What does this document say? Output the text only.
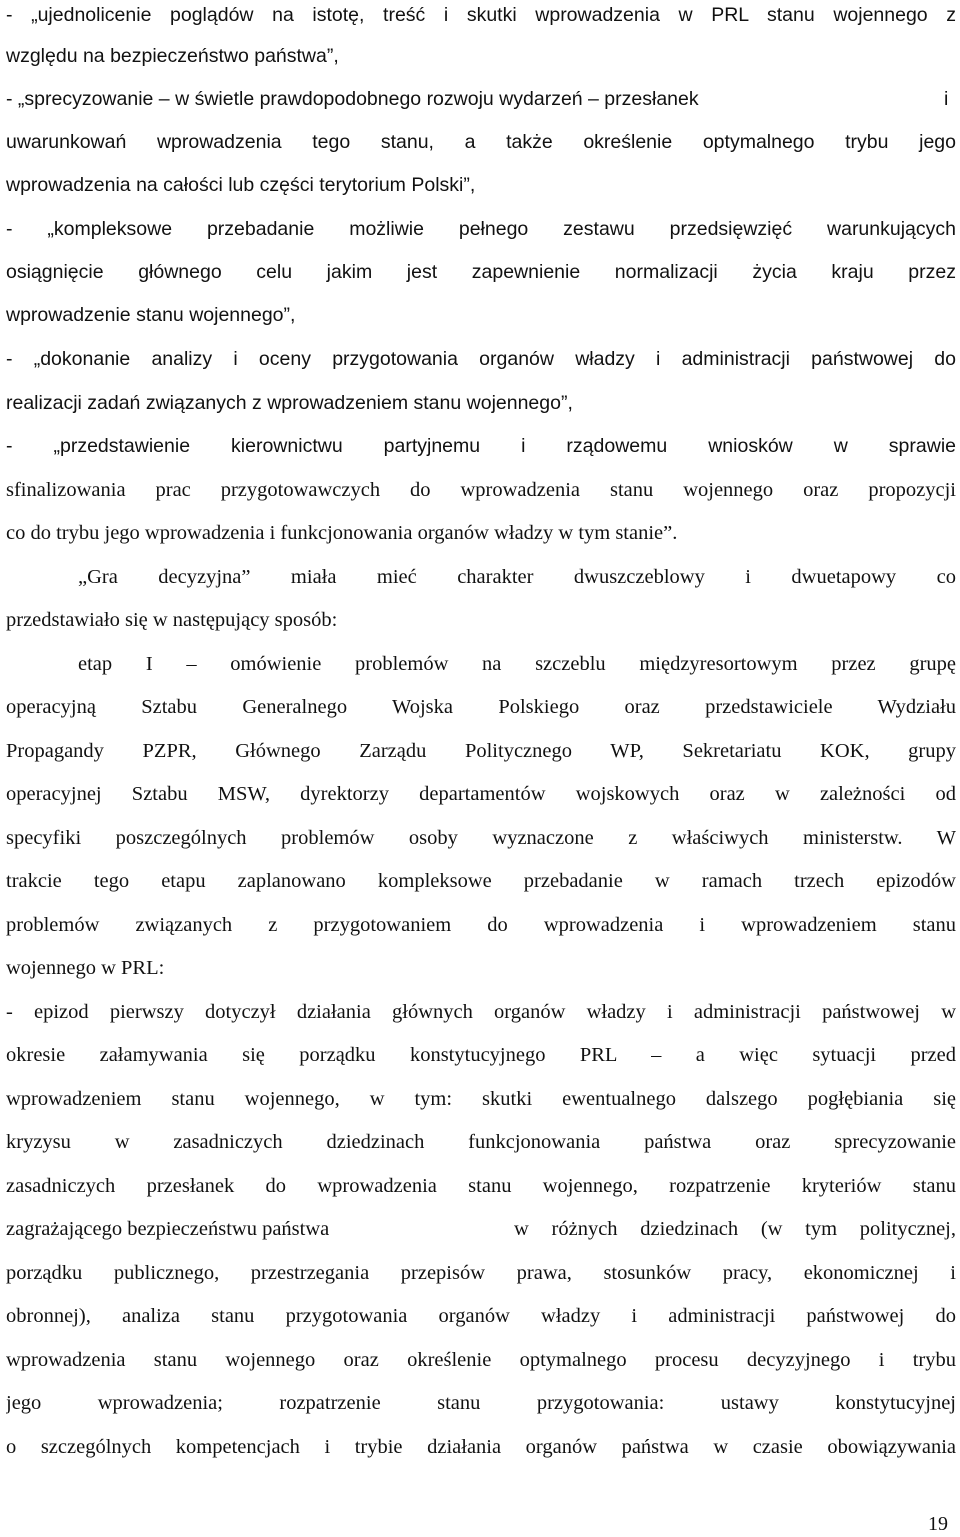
- „ujednolicenie poglądów na istotę, treść i skutki wprowadzenia w PRL stanu wojennego z
względu na bezpieczeństwo państwa”,
- „sprecyzowanie – w świetle prawdopodobnego rozwoju wydarzeń – przesłanek	i
uwarunkowań wprowadzenia tego stanu, a także określenie optymalnego trybu jego
wprowadzenia na całości lub części terytorium Polski”,
- „kompleksowe przebadanie możliwie pełnego zestawu przedsięwzięć warunkujących
osiągnięcie głównego celu jakim jest zapewnienie normalizacji życia kraju przez
wprowadzenie stanu wojennego”,
- „dokonanie analizy i oceny przygotowania organów władzy i administracji państwowej do
realizacji zadań związanych z wprowadzeniem stanu wojennego”,
- „przedstawienie kierownictwu partyjnemu i rządowemu wniosków w sprawie
sfinalizowania prac przygotowawczych do wprowadzenia stanu wojennego oraz propozycji
co do trybu jego wprowadzenia i funkcjonowania organów władzy w tym stanie”.
„Gra decyzyjna” miała mieć charakter dwuszczeblowy i dwuetapowy co
przedstawiało się w następujący sposób:
etap I – omówienie problemów na szczeblu międzyresortowym przez grupę
operacyjną Sztabu Generalnego Wojska Polskiego oraz przedstawiciele Wydziału
Propagandy PZPR, Głównego Zarządu Politycznego WP, Sekretariatu KOK, grupy
operacyjnej Sztabu MSW, dyrektorzy departamentów wojskowych oraz w zależności od
specyfiki poszczególnych problemów osoby wyznaczone z właściwych ministerstw. W
trakcie tego etapu zaplanowano kompleksowe przebadanie w ramach trzech epizodów
problemów związanych z przygotowaniem do wprowadzenia i wprowadzeniem stanu
wojennego w PRL:
- epizod pierwszy dotyczył działania głównych organów władzy i administracji państwowej w
okresie załamywania się porządku konstytucyjnego PRL – a więc sytuacji przed
wprowadzeniem stanu wojennego, w tym: skutki ewentualnego dalszego pogłębiania się
kryzysu w zasadniczych dziedzinach funkcjonowania państwa oraz sprecyzowanie
zasadniczych przesłanek do wprowadzenia stanu wojennego, rozpatrzenie kryteriów stanu
zagrażającego bezpieczeństwu państwa	w różnych dziedzinach (w tym politycznej,
porządku publicznego, przestrzegania przepisów prawa, stosunków pracy, ekonomicznej i
obronnej), analiza stanu przygotowania organów władzy i administracji państwowej do
wprowadzenia stanu wojennego oraz określenie optymalnego procesu decyzyjnego i trybu
jego wprowadzenia; rozpatrzenie stanu przygotowania: ustawy konstytucyjnej
o szczególnych kompetencjach i trybie działania organów państwa w czasie obowiązywania
19
